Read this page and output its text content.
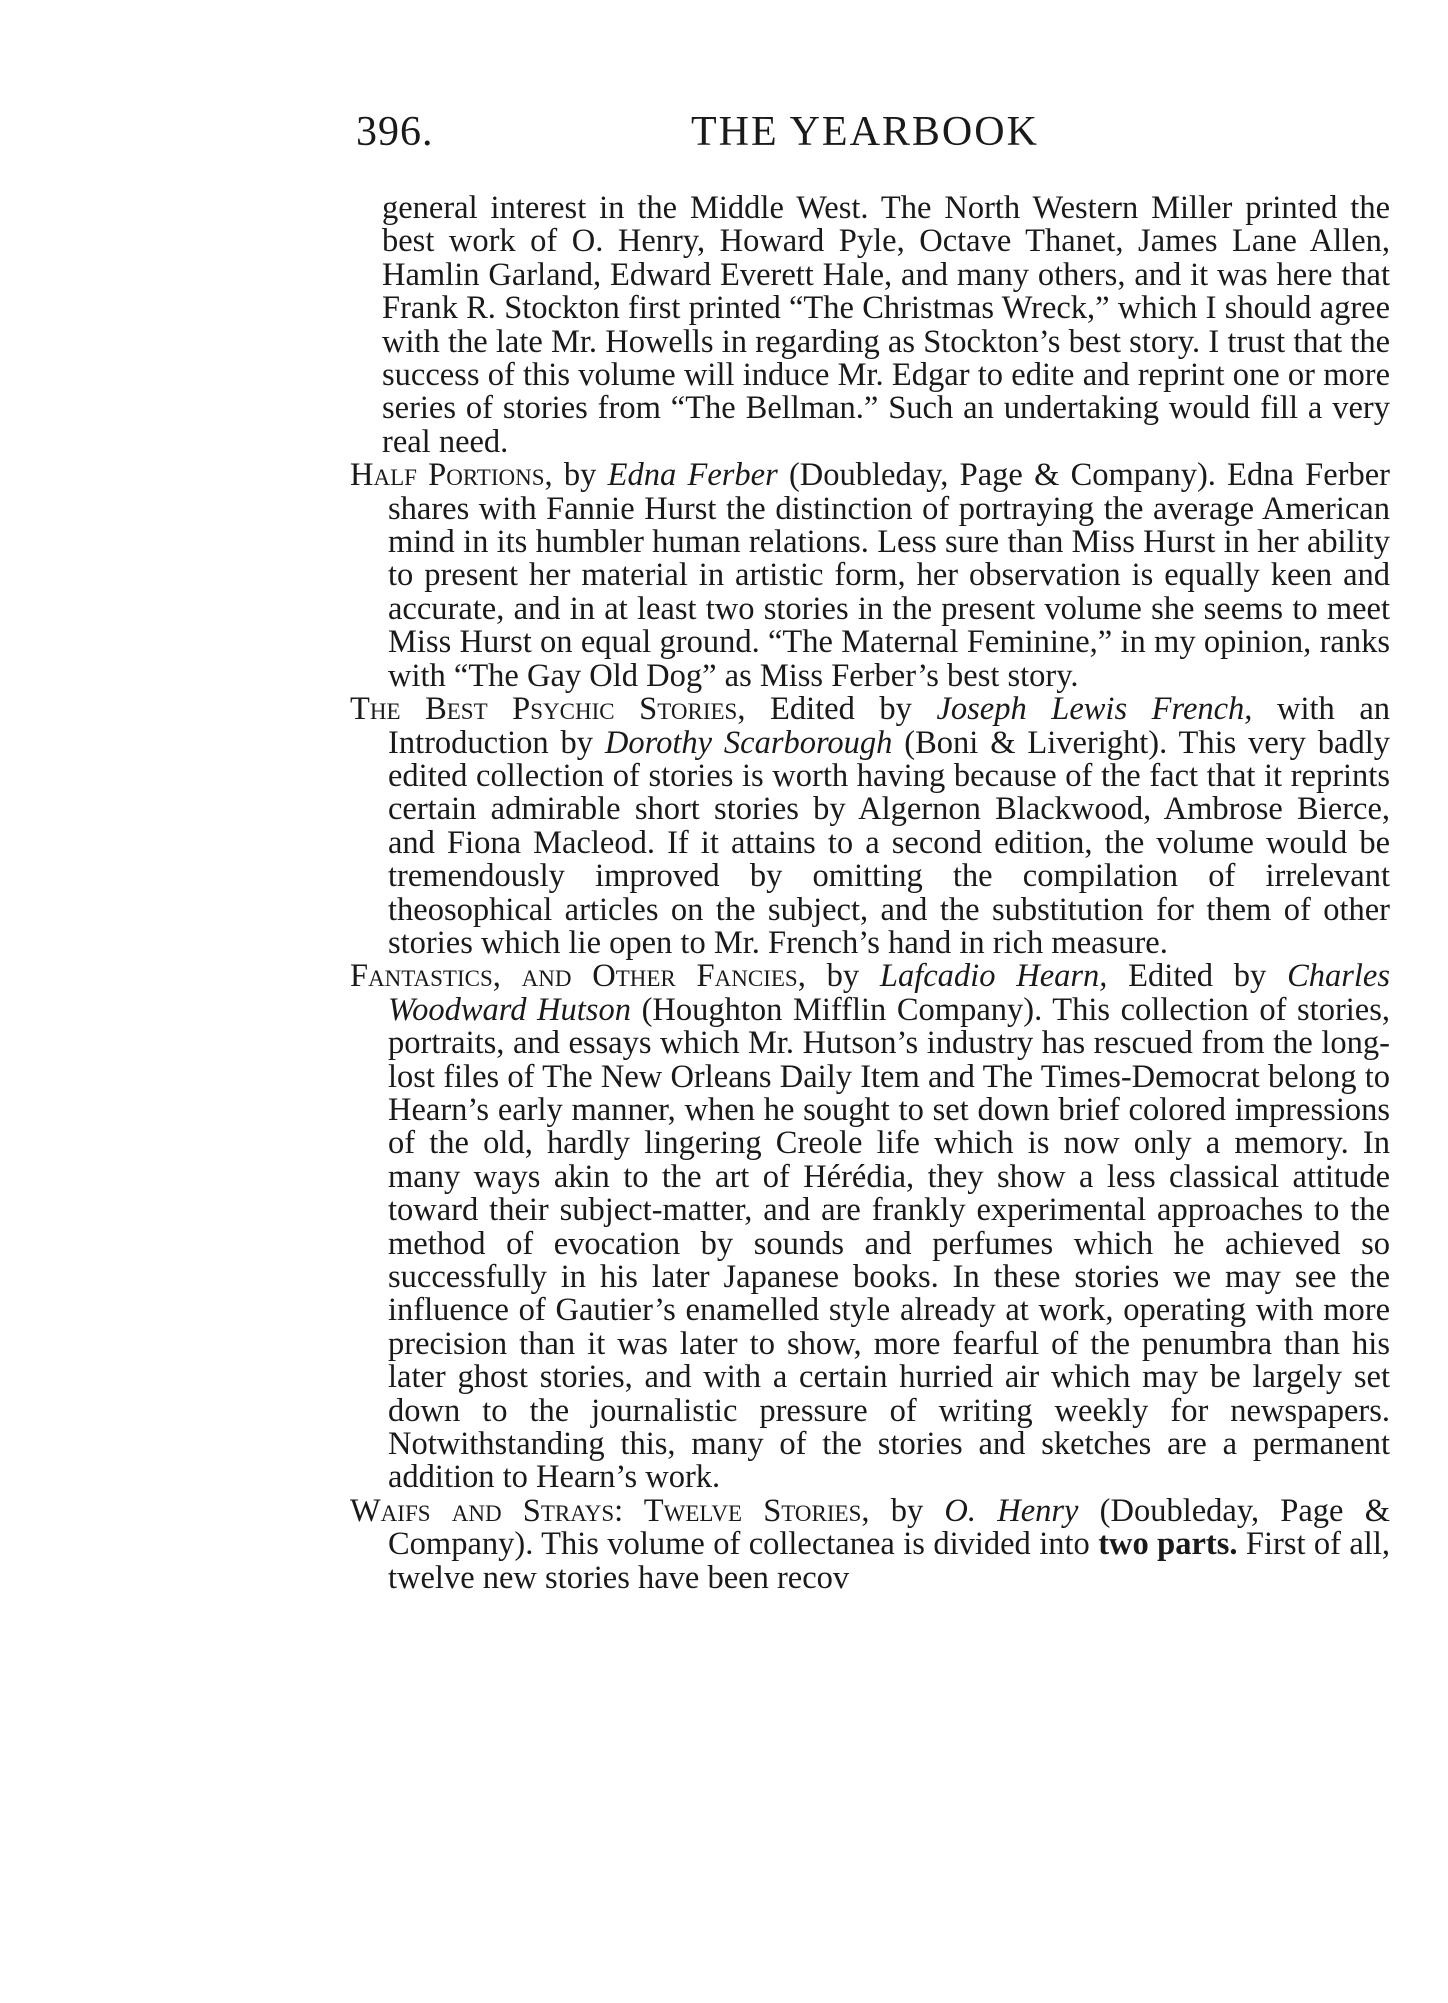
396.	THE YEARBOOK

general interest in the Middle West. The North Western Miller printed the best work of O. Henry, Howard Pyle, Octave Thanet, James Lane Allen, Hamlin Garland, Edward Everett Hale, and many others, and it was here that Frank R. Stockton first printed “The Christmas Wreck,” which I should agree with the late Mr. Howells in regarding as Stockton’s best story. I trust that the success of this volume will induce Mr. Edgar to edite and reprint one or more series of stories from “The Bellman.” Such an undertaking would fill a very real need.

Half Portions, by Edna Ferber (Doubleday, Page & Company). Edna Ferber shares with Fannie Hurst the distinction of portraying the average American mind in its humbler human relations. Less sure than Miss Hurst in her ability to present her material in artistic form, her observation is equally keen and accurate, and in at least two stories in the present volume she seems to meet Miss Hurst on equal ground. “The Maternal Feminine,” in my opinion, ranks with “The Gay Old Dog” as Miss Ferber’s best story.

The Best Psychic Stories, Edited by Joseph Lewis French, with an Introduction by Dorothy Scarborough (Boni & Liveright). This very badly edited collection of stories is worth having because of the fact that it reprints certain admirable short stories by Algernon Blackwood, Ambrose Bierce, and Fiona Macleod. If it attains to a second edition, the volume would be tremendously improved by omitting the compilation of irrelevant theosophical articles on the subject, and the substitution for them of other stories which lie open to Mr. French’s hand in rich measure.

Fantastics, and Other Fancies, by Lafcadio Hearn, Edited by Charles Woodward Hutson (Houghton Mifflin Company). This collection of stories, portraits, and essays which Mr. Hutson’s industry has rescued from the long-lost files of The New Orleans Daily Item and The Times-Democrat belong to Hearn’s early manner, when he sought to set down brief colored impressions of the old, hardly lingering Creole life which is now only a memory. In many ways akin to the art of Hérédia, they show a less classical attitude toward their subject-matter, and are frankly experimental approaches to the method of evocation by sounds and perfumes which he achieved so successfully in his later Japanese books. In these stories we may see the influence of Gautier’s enamelled style already at work, operating with more precision than it was later to show, more fearful of the penumbra than his later ghost stories, and with a certain hurried air which may be largely set down to the journalistic pressure of writing weekly for newspapers. Notwithstanding this, many of the stories and sketches are a permanent addition to Hearn’s work.

Waifs and Strays: Twelve Stories, by O. Henry (Doubleday, Page & Company). This volume of collectanea is divided into two parts. First of all, twelve new stories have been recov
